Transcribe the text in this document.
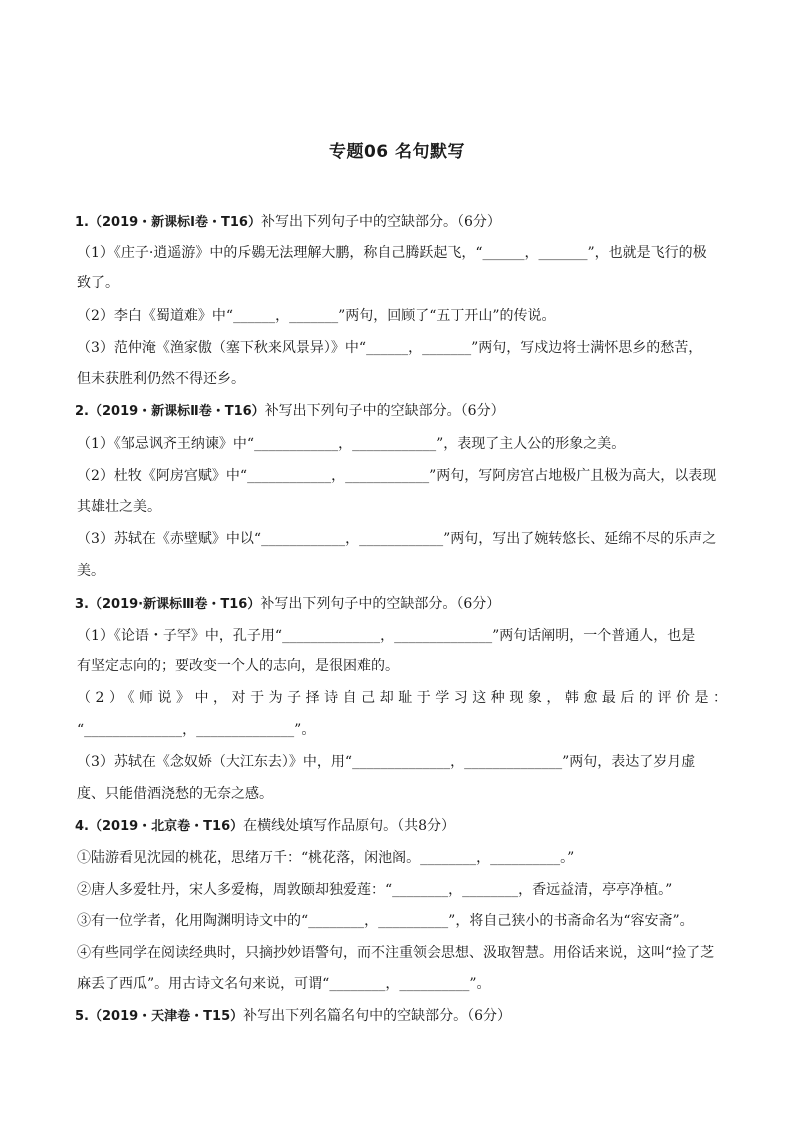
专题06 名句默写
1.（2019・新课标Ⅰ卷・T16）补写出下列句子中的空缺部分。（6分）
（1）《庄子·逍遥游》中的斥鷃无法理解大鹏，称自己腾跃起飞，“______，_______”，也就是飞行的极
致了。
（2）李白《蜀道难》中“______，_______”两句，回顾了“五丁开山”的传说。
（3）范仲淹《渔家傲（塞下秋来风景异）》中“______，_______”两句，写戍边将士满怀思乡的愁苦，
但未获胜利仍然不得还乡。
2.（2019・新课标Ⅱ卷・T16）补写出下列句子中的空缺部分。（6分）
（1）《邹忌讽齐王纳谏》中“____________，____________”，表现了主人公的形象之美。
（2）杜牧《阿房宫赋》中“____________，____________”两句，写阿房宫占地极广且极为高大，以表现
其雄壮之美。
（3）苏轼在《赤壁赋》中以“____________，____________”两句，写出了婉转悠长、延绵不尽的乐声之
美。
3.（2019·新课标Ⅲ卷・T16）补写出下列句子中的空缺部分。（6分）
（1）《论语・子罕》中，孔子用“______________，______________”两句话阐明，一个普通人，也是
有坚定志向的；要改变一个人的志向，是很困难的。
（2）《师说》中，对于为子择诗自己却耻于学习这种现象，韩愈最后的评价是：
“______________，______________”。
（3）苏轼在《念奴娇（大江东去）》中，用“______________，______________”两句，表达了岁月虚
度、只能借酒浇愁的无奈之感。
4.（2019・北京卷・T16）在横线处填写作品原句。（共8分）
①陆游看见沈园的桃花，思绪万千：“桃花落，闲池阁。________，__________。”
②唐人多爱牡丹，宋人多爱梅，周敦颐却独爱莲：“________，________，香远益清，亭亭净植。”
③有一位学者，化用陶渊明诗文中的“________，__________”，将自己狭小的书斋命名为“容安斋”。
④有些同学在阅读经典时，只摘抄妙语警句，而不注重领会思想、汲取智慧。用俗话来说，这叫“捡了芝
麻丢了西瓜”。用古诗文名句来说，可谓“________，__________”。
5.（2019・天津卷・T15）补写出下列名篇名句中的空缺部分。（6分）
